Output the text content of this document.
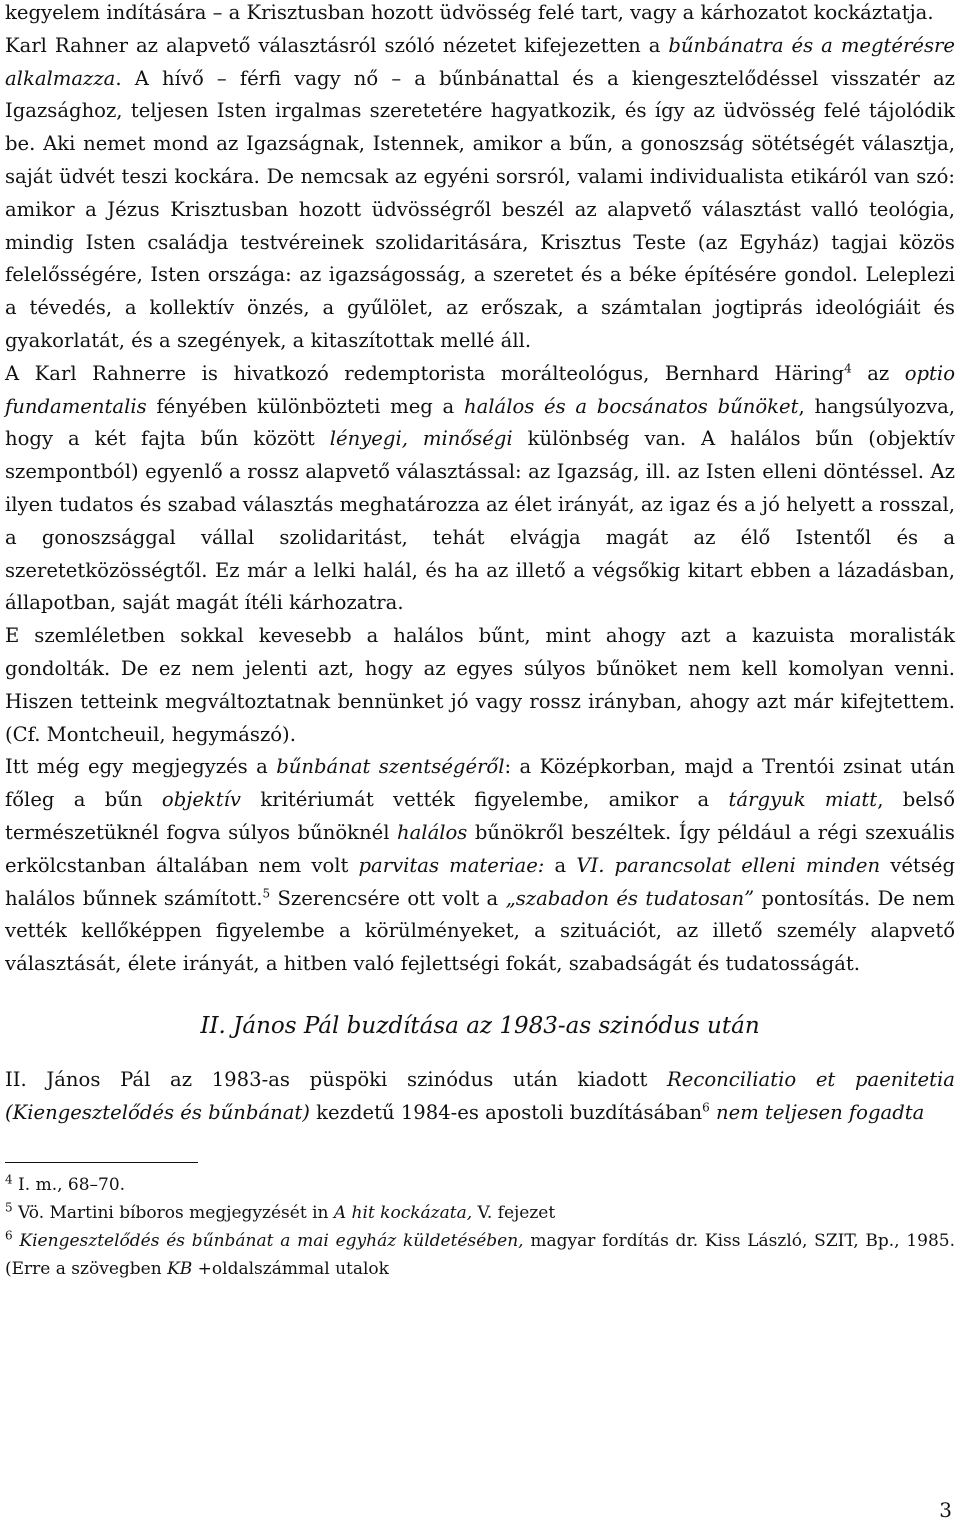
kegyelem indítására – a Krisztusban hozott üdvösség felé tart, vagy a kárhozatot kockáztatja.

Karl Rahner az alapvető választásról szóló nézetet kifejezetten a bűnbánatra és a megtérésre alkalmazza. A hívő – férfi vagy nő – a bűnbánattal és a kiengesztelődéssel visszatér az Igazsághoz, teljesen Isten irgalmas szeretetére hagyatkozik, és így az üdvösség felé tájolódik be. Aki nemet mond az Igazságnak, Istennek, amikor a bűn, a gonoszság sötétségét választja, saját üdvét teszi kockára. De nemcsak az egyéni sorsról, valami individualista etikáról van szó: amikor a Jézus Krisztusban hozott üdvösségről beszél az alapvető választást valló teológia, mindig Isten családja testvéreinek szolidaritására, Krisztus Teste (az Egyház) tagjai közös felelősségére, Isten országa: az igazságosság, a szeretet és a béke építésére gondol. Leleplezi a tévedés, a kollektív önzés, a gyűlölet, az erőszak, a számtalan jogtiprás ideológiáit és gyakorlatát, és a szegények, a kitaszítottak mellé áll.

A Karl Rahnerre is hivatkozó redemptorista morálteológus, Bernhard Häring$^4$ az optio fundamentalis fényében különbözteti meg a halálos és a bocsánatos bűnöket, hangsúlyozva, hogy a két fajta bűn között lényegi, minőségi különbség van. A halálos bűn (objektív szempontból) egyenlő a rossz alapvető választással: az Igazság, ill. az Isten elleni döntéssel. Az ilyen tudatos és szabad választás meghatározza az élet irányát, az igaz és a jó helyett a rosszal, a gonoszsággal vállal szolidaritást, tehát elvágja magát az élő Istentől és a szeretetközösségtől. Ez már a lelki halál, és ha az illető a végsőkig kitart ebben a lázadásban, állapotban, saját magát ítéli kárhozatra.

E szemléletben sokkal kevesebb a halálos bűnt, mint ahogy azt a kazuista moralisták gondolták. De ez nem jelenti azt, hogy az egyes súlyos bűnöket nem kell komolyan venni. Hiszen tetteink megváltoztatnak bennünket jó vagy rossz irányban, ahogy azt már kifejtettem. (Cf. Montcheuil, hegymászó).

Itt még egy megjegyzés a bűnbánat szentségéről: a Középkorban, majd a Trentói zsinat után főleg a bűn objektív kritériumát vették figyelembe, amikor a tárgyuk miatt, belső természetüknél fogva súlyos bűnöknél halálos bűnökről beszéltek. Így például a régi szexuális erkölcstanban általában nem volt parvitas materiae: a VI. parancsolat elleni minden vétség halálos bűnnek számított.$^5$ Szerencsére ott volt a „szabadon és tudatosan” pontosítás. De nem vették kellőképpen figyelembe a körülményeket, a szituációt, az illető személy alapvető választását, élete irányát, a hitben való fejlettségi fokát, szabadságát és tudatosságát.

II. János Pál buzdítása az 1983-as szinódus után

II. János Pál az 1983-as püspöki szinódus után kiadott Reconciliatio et paenitetia (Kiengesztelődés és bűnbánat) kezdetű 1984-es apostoli buzdításában$^6$ nem teljesen fogadta

$^4$ I. m., 68–70.

$^5$ Vö. Martini bíboros megjegyzését in A hit kockázata, V. fejezet

$^6$ Kiengesztelődés és bűnbánat a mai egyház küldetésében, magyar fordítás dr. Kiss László, SZIT, Bp., 1985. (Erre a szövegben KB +oldalszámmal utalok

3
